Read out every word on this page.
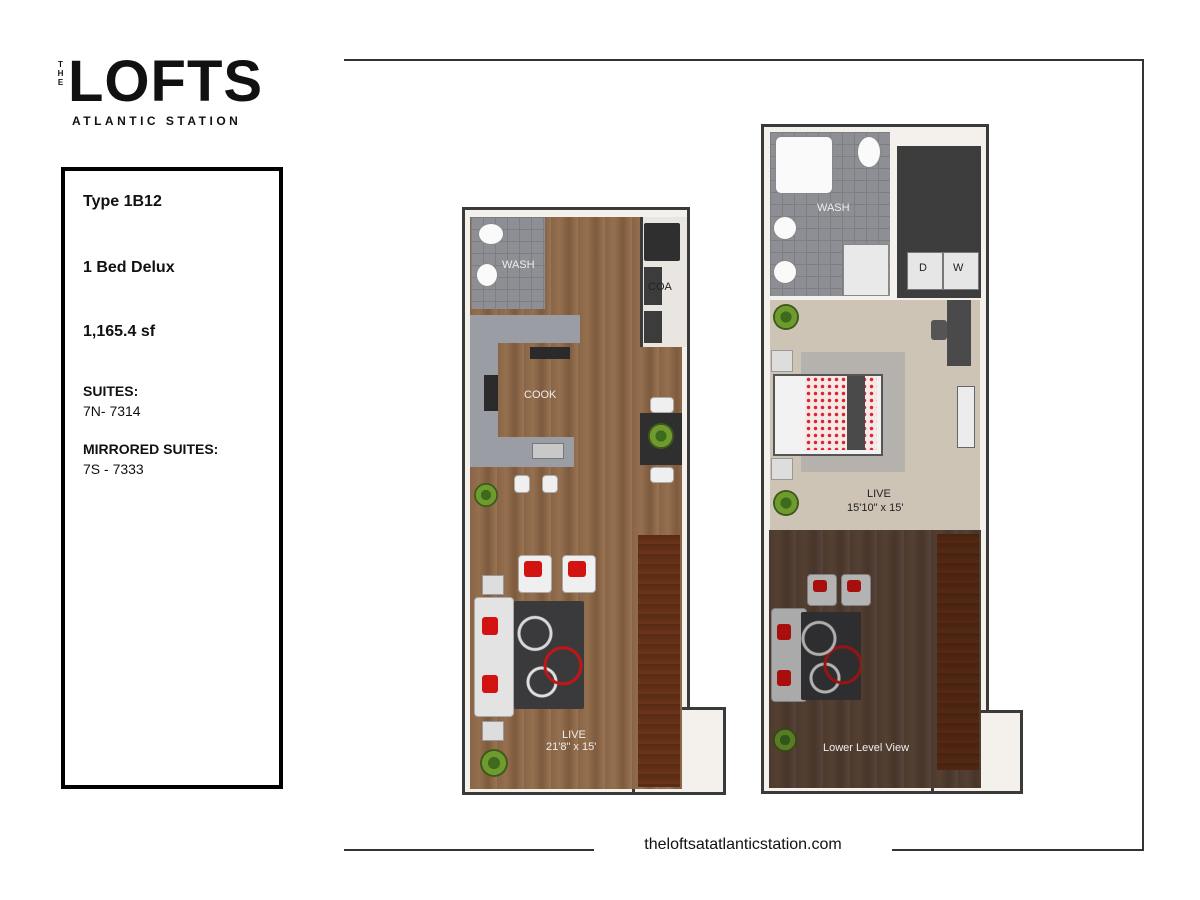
THE LOFTS
ATLANTIC STATION
Type 1B12
1 Bed Delux
1,165.4 sf
SUITES:
7N- 7314
MIRRORED SUITES:
7S - 7333
theloftsatatlanticstation.com
WASH
COA
COOK
LIVE
21'8" x 15'
WASH
D W
LIVE
15'10" x 15'
Lower Level View
